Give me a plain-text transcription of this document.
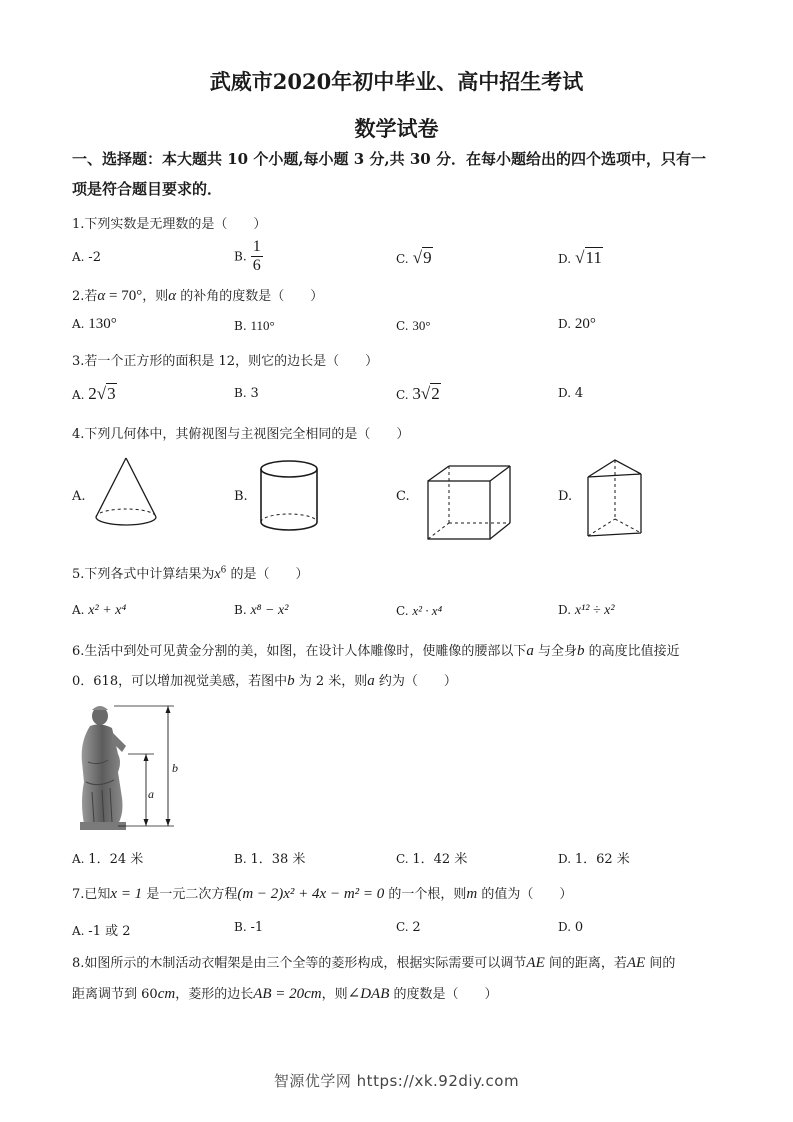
武威市2020年初中毕业、高中招生考试
数学试卷
一、选择题：本大题共 10 个小题,每小题 3 分,共 30 分．在每小题给出的四个选项中，只有一
项是符合题目要求的．
1.下列实数是无理数的是（　　）
A. -2	B. $\frac{1}{6}$	C. √9	D. √11
2.若α = 70°，则α 的补角的度数是（　　）
A. 130°	B. 110°	C. 30°	D. 20°
3.若一个正方形的面积是 12，则它的边长是（　　）
A. 2√3	B. 3	C. 3√2	D. 4
4.下列几何体中，其俯视图与主视图完全相同的是（　　）
A.	B.	C.	D.
5.下列各式中计算结果为$x^6$ 的是（　　）
A. x² + x⁴	B. x⁸ − x²	C. x² · x⁴	D. x¹² ÷ x²
6.生活中到处可见黄金分割的美，如图，在设计人体雕像时，使雕像的腰部以下a 与全身b 的高度比值接近
0．618，可以增加视觉美感，若图中b 为 2 米，则a 约为（　　）
b
a
A. 1．24 米	B. 1．38 米	C. 1．42 米	D. 1．62 米
7.已知x = 1 是一元二次方程(m − 2)x² + 4x − m² = 0 的一个根，则m 的值为（　　）
A. -1 或 2	B. -1	C. 2	D. 0
8.如图所示的木制活动衣帽架是由三个全等的菱形构成，根据实际需要可以调节AE 间的距离，若AE 间的
距离调节到 60cm，菱形的边长AB = 20cm，则∠DAB 的度数是（　　）
智源优学网 https://xk.92diy.com
